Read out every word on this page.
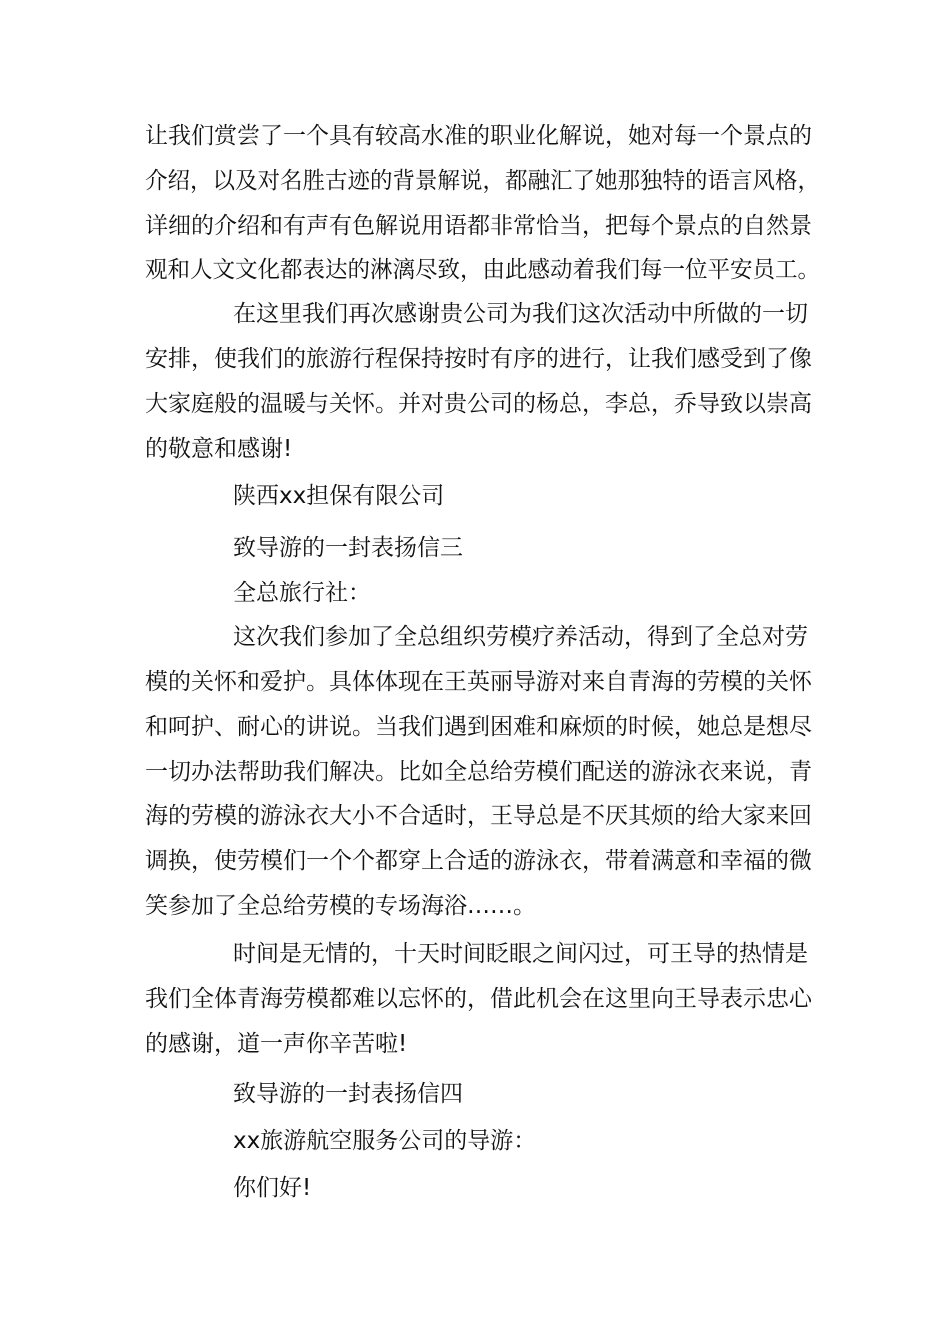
让我们赏尝了一个具有较高水准的职业化解说，她对每一个景点的
介绍，以及对名胜古迹的背景解说，都融汇了她那独特的语言风格，
详细的介绍和有声有色解说用语都非常恰当，把每个景点的自然景
观和人文文化都表达的淋漓尽致，由此感动着我们每一位平安员工。
在这里我们再次感谢贵公司为我们这次活动中所做的一切
安排，使我们的旅游行程保持按时有序的进行，让我们感受到了像
大家庭般的温暖与关怀。并对贵公司的杨总，李总，乔导致以崇高
的敬意和感谢!
陕西xx担保有限公司
致导游的一封表扬信三
全总旅行社：
这次我们参加了全总组织劳模疗养活动，得到了全总对劳
模的关怀和爱护。具体体现在王英丽导游对来自青海的劳模的关怀
和呵护、耐心的讲说。当我们遇到困难和麻烦的时候，她总是想尽
一切办法帮助我们解决。比如全总给劳模们配送的游泳衣来说，青
海的劳模的游泳衣大小不合适时，王导总是不厌其烦的给大家来回
调换，使劳模们一个个都穿上合适的游泳衣，带着满意和幸福的微
笑参加了全总给劳模的专场海浴……。
时间是无情的，十天时间眨眼之间闪过，可王导的热情是
我们全体青海劳模都难以忘怀的，借此机会在这里向王导表示忠心
的感谢，道一声你辛苦啦!
致导游的一封表扬信四
xx旅游航空服务公司的导游：
你们好!
